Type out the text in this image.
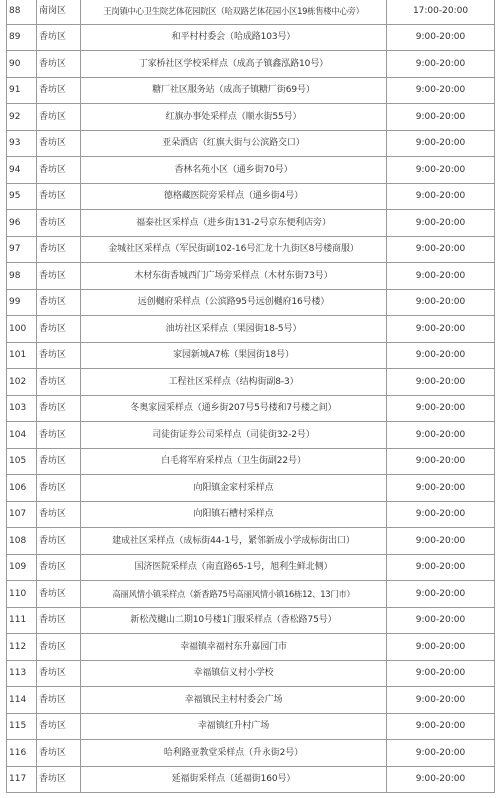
88	南岗区	王岗镇中心卫生院艺体花园院区（哈双路艺体花园小区19栋售楼中心旁）	17:00-20:00
89	香坊区	和平村村委会（哈成路103号）	9:00-20:00
90	香坊区	丁家桥社区学校采样点（成高子镇鑫泓路10号）	9:00-20:00
91	香坊区	糖厂社区服务站（成高子镇糖厂街69号）	9:00-20:00
92	香坊区	红旗办事处采样点（顺水街55号）	9:00-20:00
93	香坊区	亚朵酒店（红旗大街与公滨路交口）	9:00-20:00
94	香坊区	香林名苑小区（通乡街70号）	9:00-20:00
95	香坊区	德格藏医院旁采样点（通乡街4号）	9:00-20:00
96	香坊区	福泰社区采样点（进乡街131-2号京东便利店旁）	9:00-20:00
97	香坊区	金城社区采样点（军民街副102-16号汇龙十九街区8号楼商服）	9:00-20:00
98	香坊区	木材东街香城西门广场旁采样点（木材东街73号）	9:00-20:00
99	香坊区	远创樾府采样点（公滨路95号远创樾府16号楼）	9:00-20:00
100	香坊区	油坊社区采样点（果园街18-5号）	9:00-20:00
101	香坊区	家园新城A7栋（果园街18号）	9:00-20:00
102	香坊区	工程社区采样点（结构街副8-3）	9:00-20:00
103	香坊区	冬奥家园采样点（通乡街207号5号楼和7号楼之间）	9:00-20:00
104	香坊区	司徒街证券公司采样点（司徒街32-2号）	9:00-20:00
105	香坊区	白毛将军府采样点（卫生街副22号）	9:00-20:00
106	香坊区	向阳镇金家村采样点	9:00-20:00
107	香坊区	向阳镇石槽村采样点	9:00-20:00
108	香坊区	建成社区采样点（成标街44-1号，紧邻新成小学成标街出口）	9:00-20:00
109	香坊区	国济医院采样点（南直路65-1号，旭利生鲜北侧）	9:00-20:00
110	香坊区	高丽风情小镇采样点（新香路75号高丽风情小镇16栋12、13门市）	9:00-20:00
111	香坊区	新松茂樾山二期10号楼1门服采样点（香松路75号）	9:00-20:00
112	香坊区	幸福镇幸福村东升嘉园门市	9:00-20:00
113	香坊区	幸福镇信义村小学校	9:00-20:00
114	香坊区	幸福镇民主村村委会广场	9:00-20:00
115	香坊区	幸福镇红升村广场	9:00-20:00
116	香坊区	哈利路亚教堂采样点（升永街2号）	9:00-20:00
117	香坊区	延福街采样点（延福街160号）	9:00-20:00
